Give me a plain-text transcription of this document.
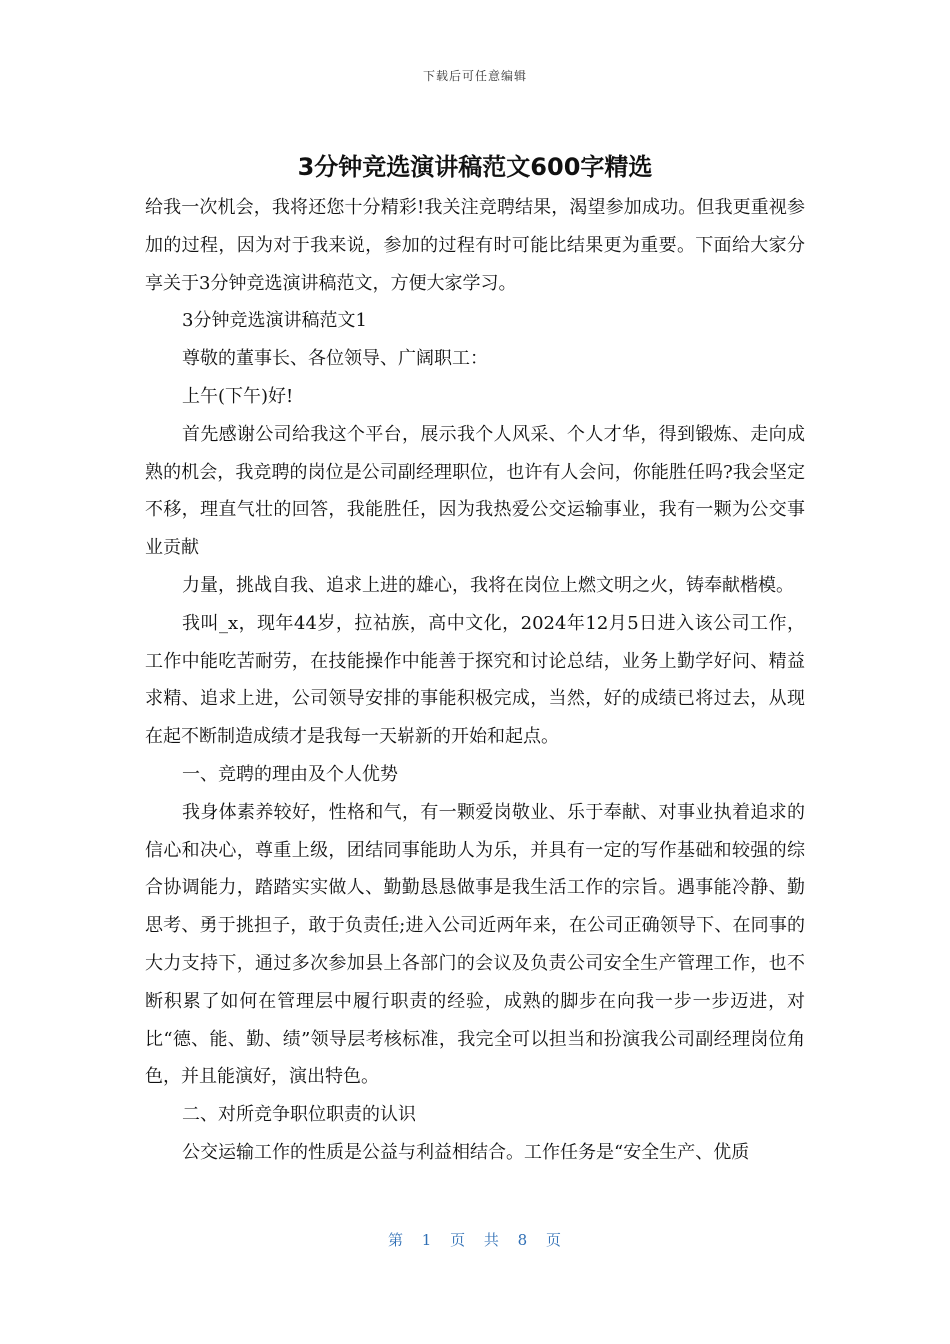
下载后可任意编辑
3分钟竞选演讲稿范文600字精选

给我一次机会，我将还您十分精彩!我关注竞聘结果，渴望参加成功。但我更重视参加的过程，因为对于我来说，参加的过程有时可能比结果更为重要。下面给大家分享关于3分钟竞选演讲稿范文，方便大家学习。

3分钟竞选演讲稿范文1

尊敬的董事长、各位领导、广阔职工：

上午(下午)好!

首先感谢公司给我这个平台，展示我个人风采、个人才华，得到锻炼、走向成熟的机会，我竞聘的岗位是公司副经理职位，也许有人会问，你能胜任吗?我会坚定不移，理直气壮的回答，我能胜任，因为我热爱公交运输事业，我有一颗为公交事业贡献

力量，挑战自我、追求上进的雄心，我将在岗位上燃文明之火，铸奉献楷模。

我叫_x，现年44岁，拉祜族，高中文化，2024年12月5日进入该公司工作，工作中能吃苦耐劳，在技能操作中能善于探究和讨论总结，业务上勤学好问、精益求精、追求上进，公司领导安排的事能积极完成，当然，好的成绩已将过去，从现在起不断制造成绩才是我每一天崭新的开始和起点。

一、竞聘的理由及个人优势

我身体素养较好，性格和气，有一颗爱岗敬业、乐于奉献、对事业执着追求的信心和决心，尊重上级，团结同事能助人为乐，并具有一定的写作基础和较强的综合协调能力，踏踏实实做人、勤勤恳恳做事是我生活工作的宗旨。遇事能冷静、勤思考、勇于挑担子，敢于负责任;进入公司近两年来，在公司正确领导下、在同事的大力支持下，通过多次参加县上各部门的会议及负责公司安全生产管理工作，也不断积累了如何在管理层中履行职责的经验，成熟的脚步在向我一步一步迈进，对比“德、能、勤、绩”领导层考核标准，我完全可以担当和扮演我公司副经理岗位角色，并且能演好，演出特色。

二、对所竞争职位职责的认识

公交运输工作的性质是公益与利益相结合。工作任务是“安全生产、优质

第 1 页 共 8 页
